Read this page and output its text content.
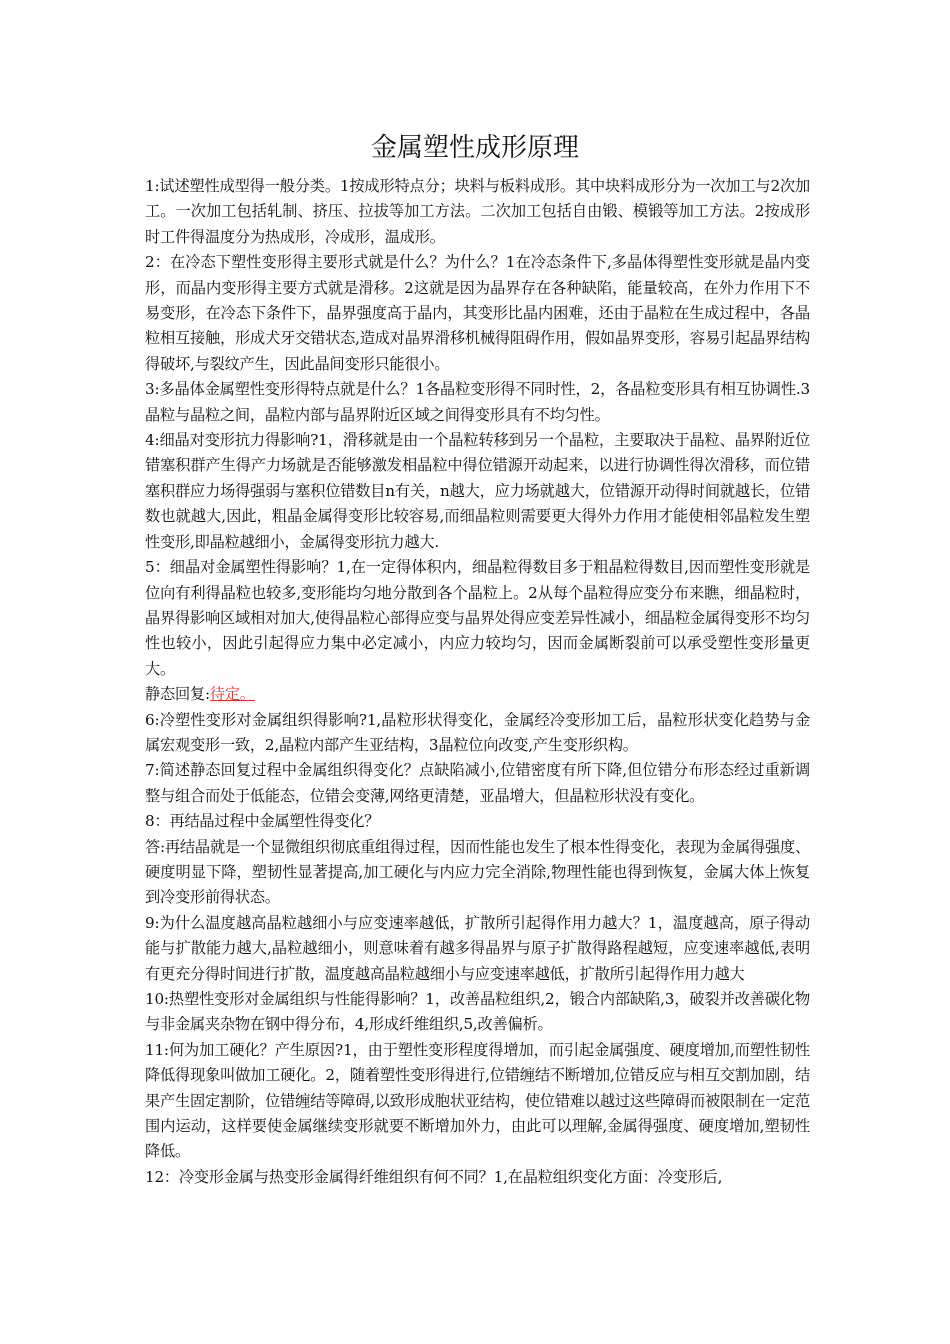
金属塑性成形原理

1:试述塑性成型得一般分类。1按成形特点分；块料与板料成形。其中块料成形分为一次加工与2次加工。一次加工包括轧制、挤压、拉拔等加工方法。二次加工包括自由锻、模锻等加工方法。2按成形时工件得温度分为热成形，冷成形，温成形。

2：在冷态下塑性变形得主要形式就是什么？为什么？1在冷态条件下,多晶体得塑性变形就是晶内变形，而晶内变形得主要方式就是滑移。2这就是因为晶界存在各种缺陷，能量较高，在外力作用下不易变形，在冷态下条件下，晶界强度高于晶内，其变形比晶内困难，还由于晶粒在生成过程中，各晶粒相互接触，形成犬牙交错状态,造成对晶界滑移机械得阻碍作用，假如晶界变形，容易引起晶界结构得破坏,与裂纹产生，因此晶间变形只能很小。

3:多晶体金属塑性变形得特点就是什么？1各晶粒变形得不同时性，2，各晶粒变形具有相互协调性.3晶粒与晶粒之间，晶粒内部与晶界附近区域之间得变形具有不均匀性。

4:细晶对变形抗力得影响?1，滑移就是由一个晶粒转移到另一个晶粒，主要取决于晶粒、晶界附近位错塞积群产生得产力场就是否能够激发相晶粒中得位错源开动起来，以进行协调性得次滑移，而位错塞积群应力场得强弱与塞积位错数目n有关，n越大，应力场就越大，位错源开动得时间就越长，位错数也就越大,因此，粗晶金属得变形比较容易,而细晶粒则需要更大得外力作用才能使相邻晶粒发生塑性变形,即晶粒越细小，金属得变形抗力越大.

5：细晶对金属塑性得影响？1,在一定得体积内，细晶粒得数目多于粗晶粒得数目,因而塑性变形就是位向有利得晶粒也较多,变形能均匀地分散到各个晶粒上。2从每个晶粒得应变分布来瞧，细晶粒时，晶界得影响区域相对加大,使得晶粒心部得应变与晶界处得应变差异性减小，细晶粒金属得变形不均匀性也较小，因此引起得应力集中必定减小，内应力较均匀，因而金属断裂前可以承受塑性变形量更大。

静态回复:待定。

6:冷塑性变形对金属组织得影响?1,晶粒形状得变化，金属经冷变形加工后，晶粒形状变化趋势与金属宏观变形一致，2,晶粒内部产生亚结构，3晶粒位向改变,产生变形织构。

7:简述静态回复过程中金属组织得变化？点缺陷减小,位错密度有所下降,但位错分布形态经过重新调整与组合而处于低能态，位错会变薄,网络更清楚，亚晶增大，但晶粒形状没有变化。

8：再结晶过程中金属塑性得变化？

答:再结晶就是一个显微组织彻底重组得过程，因而性能也发生了根本性得变化，表现为金属得强度、硬度明显下降，塑韧性显著提高,加工硬化与内应力完全消除,物理性能也得到恢复，金属大体上恢复到冷变形前得状态。

9:为什么温度越高晶粒越细小与应变速率越低，扩散所引起得作用力越大？1，温度越高，原子得动能与扩散能力越大,晶粒越细小，则意味着有越多得晶界与原子扩散得路程越短，应变速率越低,表明有更充分得时间进行扩散，温度越高晶粒越细小与应变速率越低，扩散所引起得作用力越大

10:热塑性变形对金属组织与性能得影响？1，改善晶粒组织,2，锻合内部缺陷,3，破裂并改善碳化物与非金属夹杂物在钢中得分布，4,形成纤维组织,5,改善偏析。

11:何为加工硬化？产生原因?1，由于塑性变形程度得增加，而引起金属强度、硬度增加,而塑性韧性降低得现象叫做加工硬化。2，随着塑性变形得进行,位错缠结不断增加,位错反应与相互交割加剧，结果产生固定割阶，位错缠结等障碍,以致形成胞状亚结构，使位错难以越过这些障碍而被限制在一定范围内运动，这样要使金属继续变形就要不断增加外力，由此可以理解,金属得强度、硬度增加,塑韧性降低。

12：冷变形金属与热变形金属得纤维组织有何不同？1,在晶粒组织变化方面：冷变形后,
